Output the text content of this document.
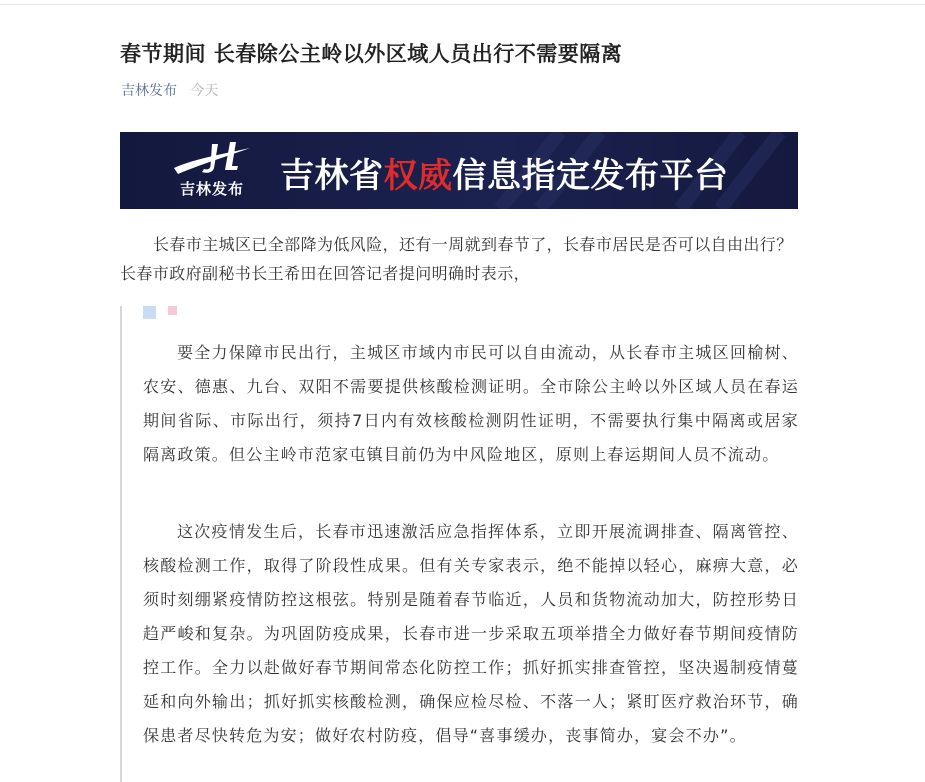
春节期间 长春除公主岭以外区域人员出行不需要隔离
吉林发布 今天
吉林发布 吉林省权威信息指定发布平台

长春市主城区已全部降为低风险，还有一周就到春节了，长春市居民是否可以自由出行？长春市政府副秘书长王希田在回答记者提问明确时表示，

要全力保障市民出行，主城区市域内市民可以自由流动，从长春市主城区回榆树、农安、德惠、九台、双阳不需要提供核酸检测证明。全市除公主岭以外区域人员在春运期间省际、市际出行，须持7日内有效核酸检测阴性证明，不需要执行集中隔离或居家隔离政策。但公主岭市范家屯镇目前仍为中风险地区，原则上春运期间人员不流动。

这次疫情发生后，长春市迅速激活应急指挥体系，立即开展流调排查、隔离管控、核酸检测工作，取得了阶段性成果。但有关专家表示，绝不能掉以轻心，麻痹大意，必须时刻绷紧疫情防控这根弦。特别是随着春节临近，人员和货物流动加大，防控形势日趋严峻和复杂。为巩固防疫成果，长春市进一步采取五项举措全力做好春节期间疫情防控工作。全力以赴做好春节期间常态化防控工作；抓好抓实排查管控，坚决遏制疫情蔓延和向外输出；抓好抓实核酸检测，确保应检尽检、不落一人；紧盯医疗救治环节，确保患者尽快转危为安；做好农村防疫，倡导“喜事缓办，丧事简办，宴会不办”。
